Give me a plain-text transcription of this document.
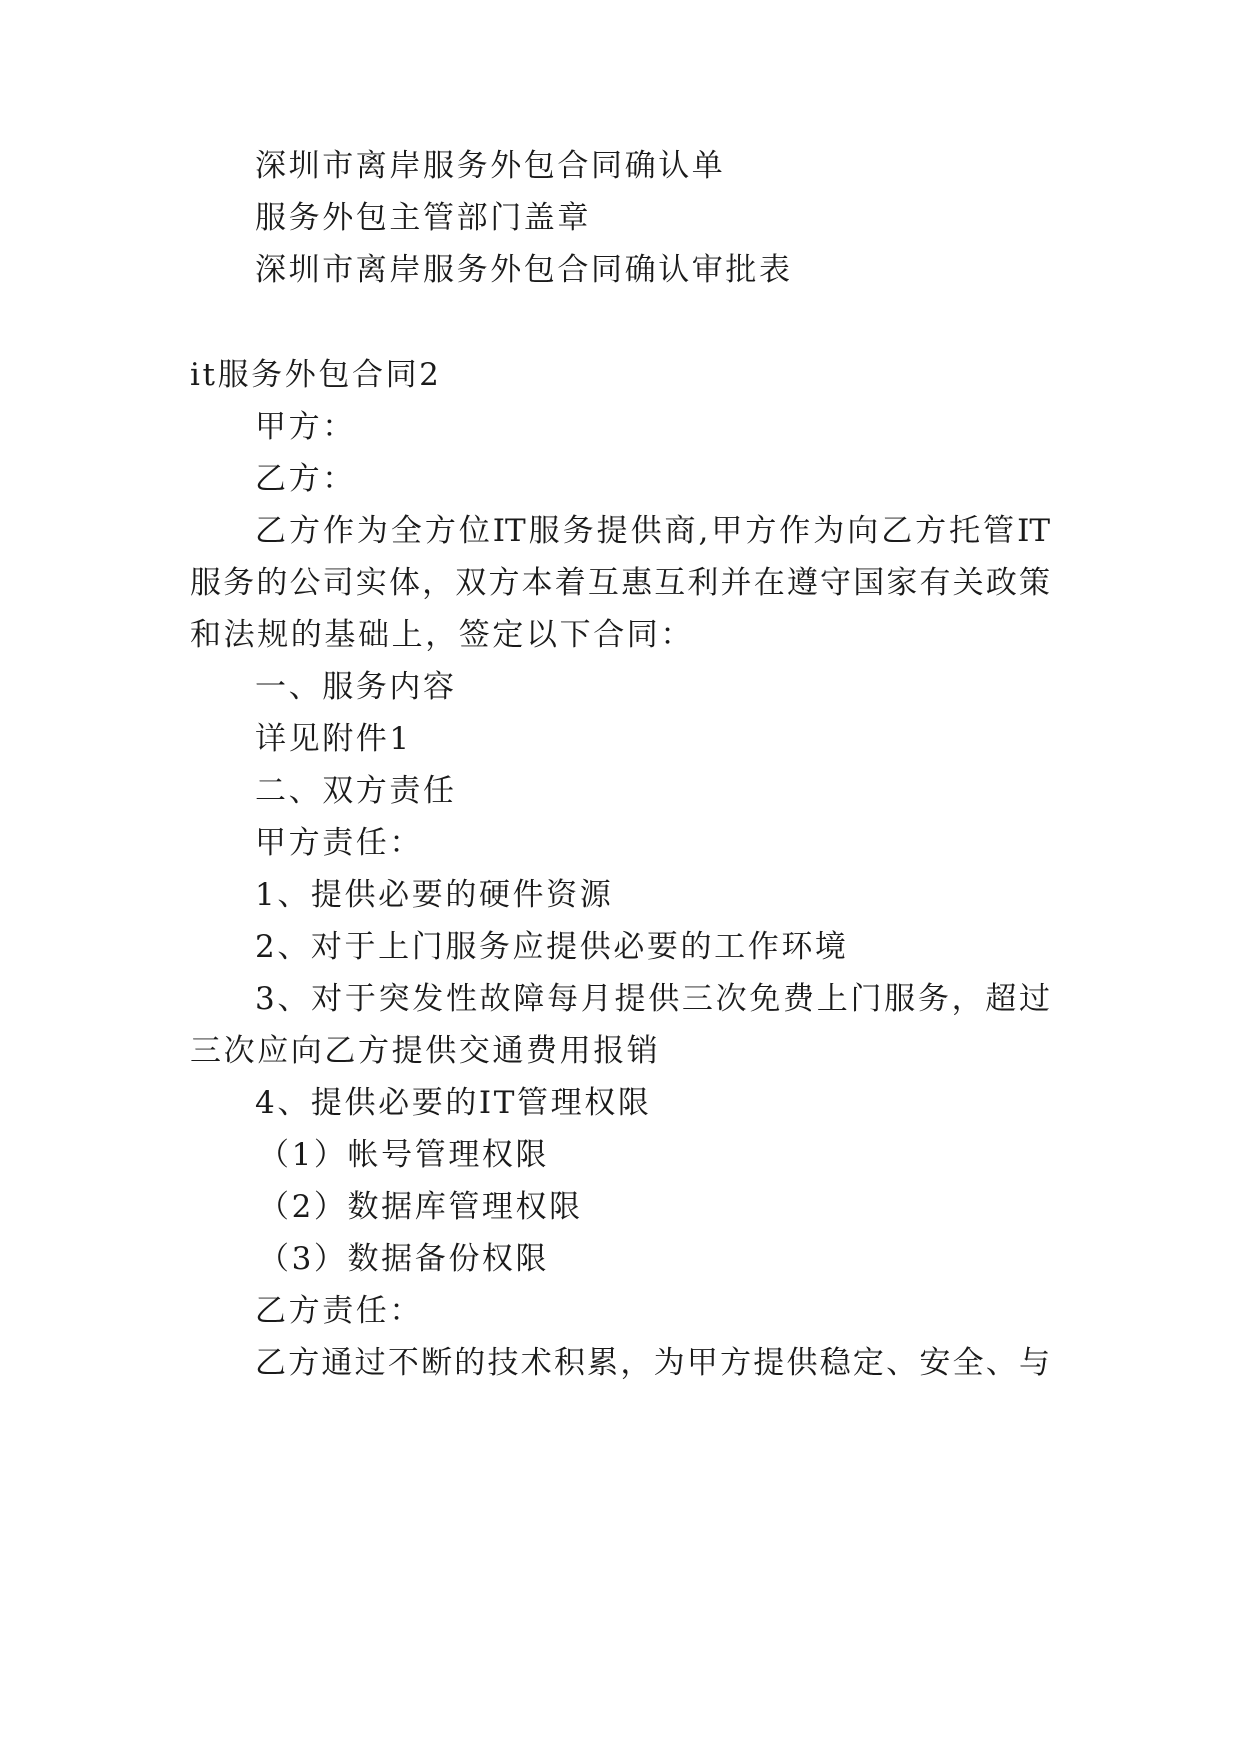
深圳市离岸服务外包合同确认单
服务外包主管部门盖章
深圳市离岸服务外包合同确认审批表
it服务外包合同2
甲方：
乙方：
乙方作为全方位IT服务提供商,甲方作为向乙方托管IT
服务的公司实体，双方本着互惠互利并在遵守国家有关政策
和法规的基础上，签定以下合同：
一、服务内容
详见附件1
二、双方责任
甲方责任：
1、提供必要的硬件资源
2、对于上门服务应提供必要的工作环境
3、对于突发性故障每月提供三次免费上门服务，超过
三次应向乙方提供交通费用报销
4、提供必要的IT管理权限
（1）帐号管理权限
（2）数据库管理权限
（3）数据备份权限
乙方责任：
乙方通过不断的技术积累，为甲方提供稳定、安全、与
